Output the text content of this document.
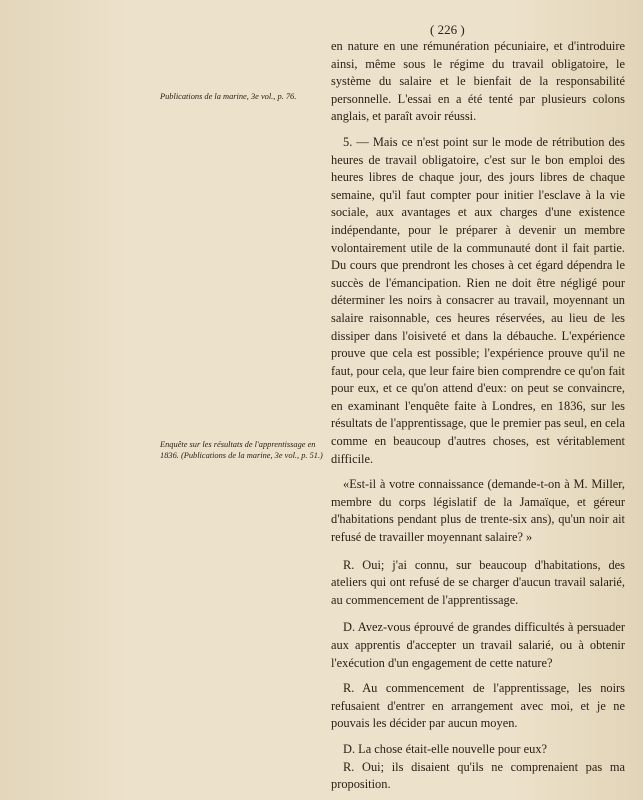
( 226 )
Publications de la marine, 3e vol., p. 76.
Enquête sur les résultats de l'apprentissage en 1836. (Publications de la marine, 3e vol., p. 51.)

en nature en une rémunération pécuniaire, et d'introduire ainsi, même sous le régime du travail obligatoire, le système du salaire et le bienfait de la responsabilité personnelle. L'essai en a été tenté par plusieurs colons anglais, et paraît avoir réussi.

5. — Mais ce n'est point sur le mode de rétribution des heures de travail obligatoire, c'est sur le bon emploi des heures libres de chaque jour, des jours libres de chaque semaine, qu'il faut compter pour initier l'esclave à la vie sociale, aux avantages et aux charges d'une existence indépendante, pour le préparer à devenir un membre volontairement utile de la communauté dont il fait partie. Du cours que prendront les choses à cet égard dépendra le succès de l'émancipation. Rien ne doit être négligé pour déterminer les noirs à consacrer au travail, moyennant un salaire raisonnable, ces heures réservées, au lieu de les dissiper dans l'oisiveté et dans la débauche. L'expérience prouve que cela est possible; l'expérience prouve qu'il ne faut, pour cela, que leur faire bien comprendre ce qu'on fait pour eux, et ce qu'on attend d'eux: on peut se convaincre, en examinant l'enquête faite à Londres, en 1836, sur les résultats de l'apprentissage, que le premier pas seul, en cela comme en beaucoup d'autres choses, est véritablement difficile.

«Est-il à votre connaissance (demande-t-on à M. Miller, membre du corps législatif de la Jamaïque, et géreur d'habitations pendant plus de trente-six ans), qu'un noir ait refusé de travailler moyennant salaire? »

R. Oui; j'ai connu, sur beaucoup d'habitations, des ateliers qui ont refusé de se charger d'aucun travail salarié, au commencement de l'apprentissage.

D. Avez-vous éprouvé de grandes difficultés à persuader aux apprentis d'accepter un travail salarié, ou à obtenir l'exécution d'un engagement de cette nature?

R. Au commencement de l'apprentissage, les noirs refusaient d'entrer en arrangement avec moi, et je ne pouvais les décider par aucun moyen.

D. La chose était-elle nouvelle pour eux?

R. Oui; ils disaient qu'ils ne comprenaient pas ma proposition.
